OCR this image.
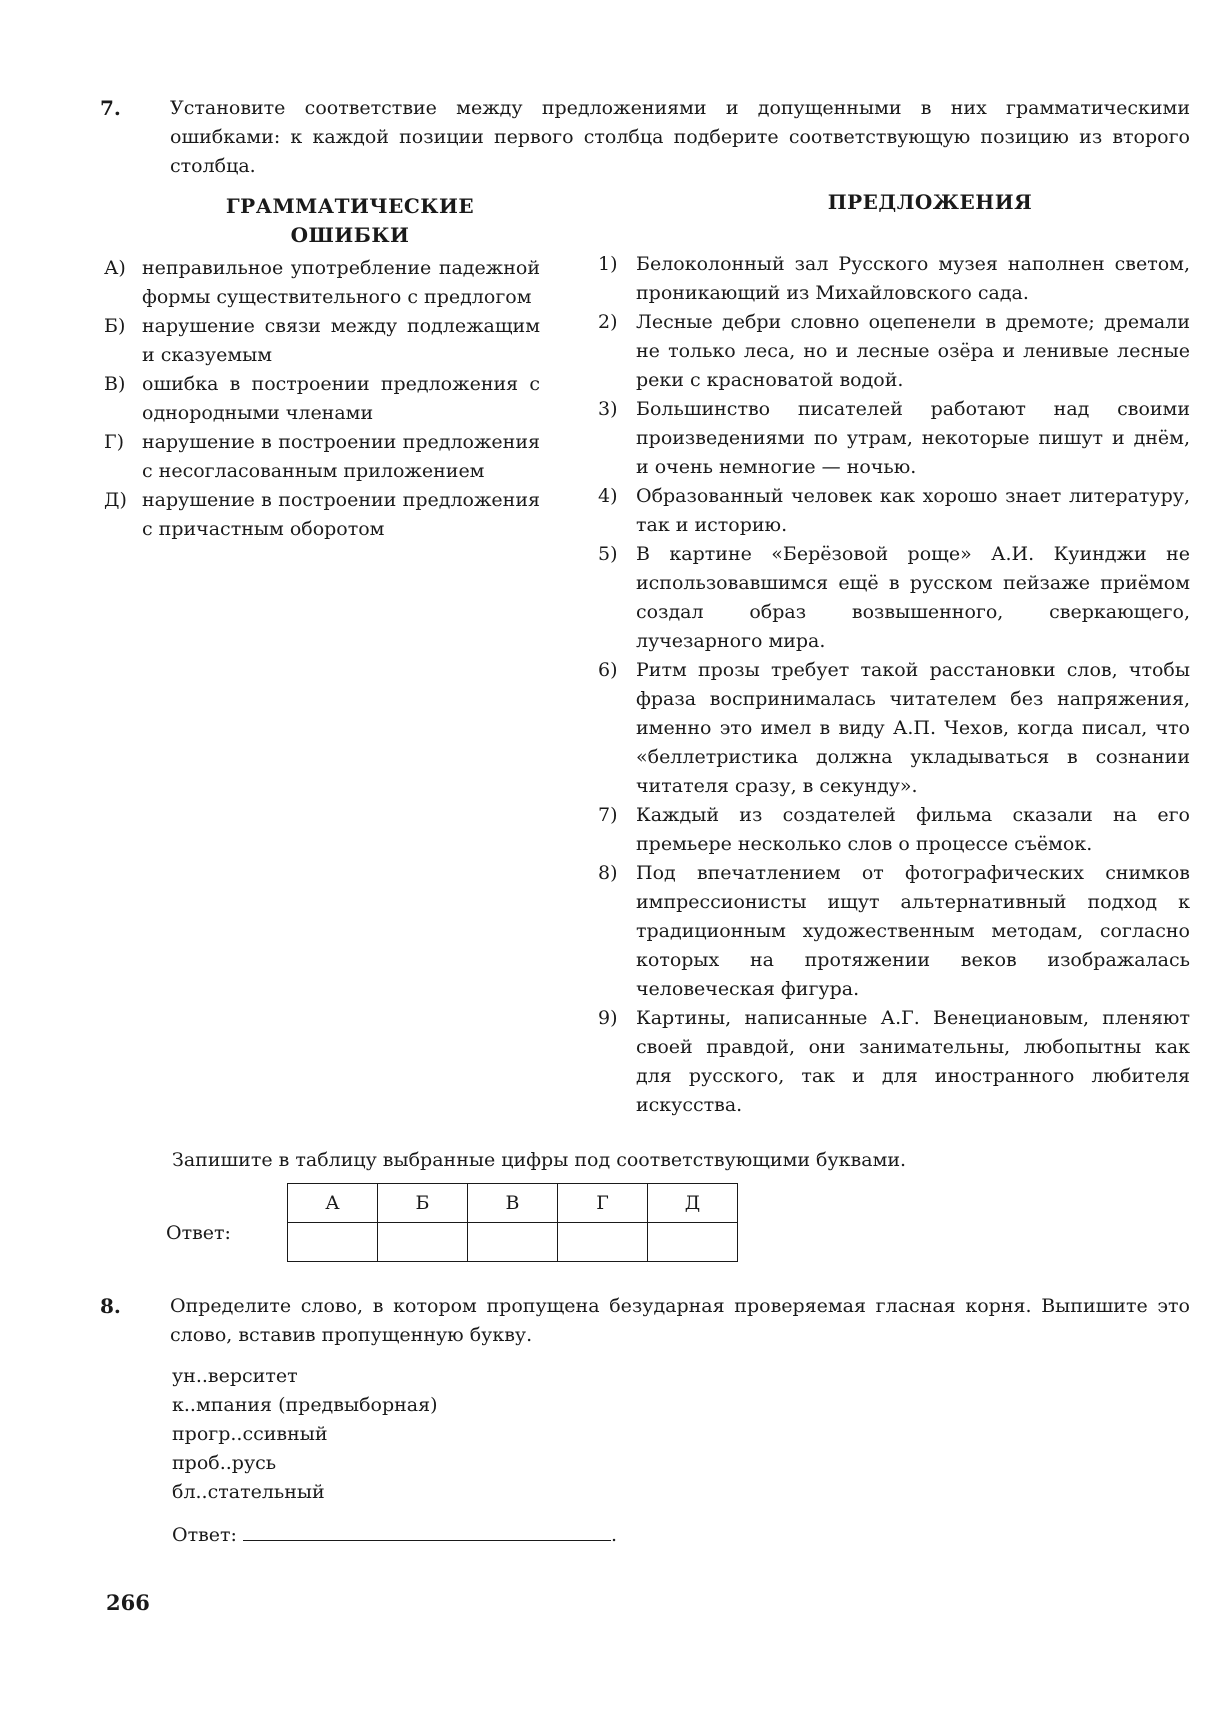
7.	Установите соответствие между предложениями и допущенными в них грамматическими ошибками: к каждой позиции первого столбца подберите соответствующую позицию из второго столбца.
ГРАММАТИЧЕСКИЕ ОШИБКИ
ПРЕДЛОЖЕНИЯ
А) неправильное употребление падежной формы существительного с предлогом
Б) нарушение связи между подлежащим и сказуемым
В) ошибка в построении предложения с однородными членами
Г) нарушение в построении предложения с несогласованным приложением
Д) нарушение в построении предложения с причастным оборотом
1) Белоколонный зал Русского музея наполнен светом, проникающий из Михайловского сада.
2) Лесные дебри словно оцепенели в дремоте; дремали не только леса, но и лесные озёра и ленивые лесные реки с красноватой водой.
3) Большинство писателей работают над своими произведениями по утрам, некоторые пишут и днём, и очень немногие — ночью.
4) Образованный человек как хорошо знает литературу, так и историю.
5) В картине «Берёзовой роще» А.И. Куинджи не использовавшимся ещё в русском пейзаже приёмом создал образ возвышенного, сверкающего, лучезарного мира.
6) Ритм прозы требует такой расстановки слов, чтобы фраза воспринималась читателем без напряжения, именно это имел в виду А.П. Чехов, когда писал, что «беллетристика должна укладываться в сознании читателя сразу, в секунду».
7) Каждый из создателей фильма сказали на его премьере несколько слов о процессе съёмок.
8) Под впечатлением от фотографических снимков импрессионисты ищут альтернативный подход к традиционным художественным методам, согласно которых на протяжении веков изображалась человеческая фигура.
9) Картины, написанные А.Г. Венециановым, пленяют своей правдой, они занимательны, любопытны как для русского, так и для иностранного любителя искусства.
Запишите в таблицу выбранные цифры под соответствующими буквами.
Ответ:
А	Б	В	Г	Д

8.	Определите слово, в котором пропущена безударная проверяемая гласная корня. Выпишите это слово, вставив пропущенную букву.
ун..верситет
к..мпания (предвыборная)
прогр..ссивный
проб..русь
бл..стательный
Ответ:	.
266
